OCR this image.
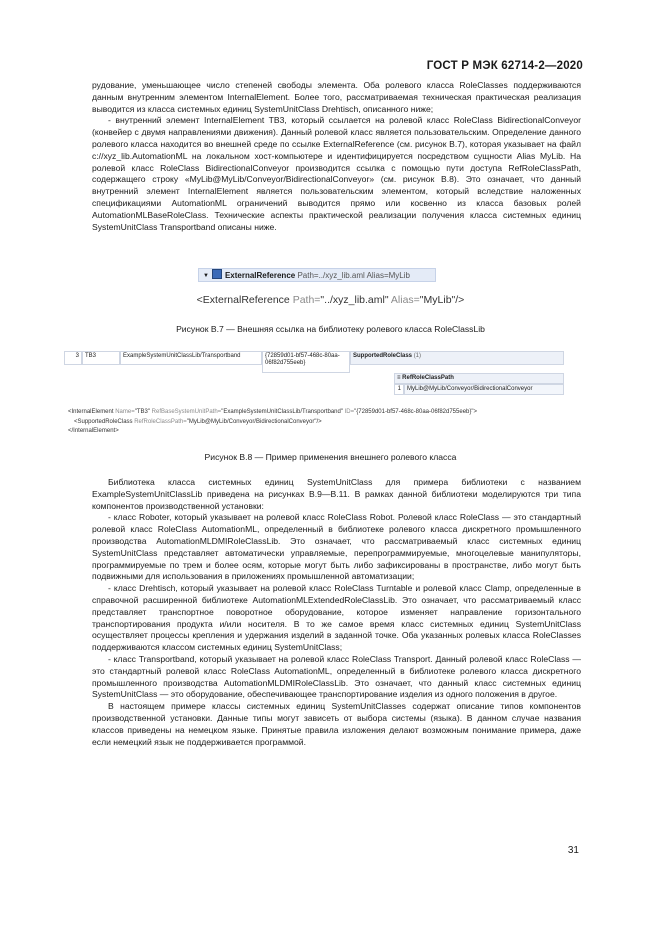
ГОСТ Р МЭК 62714-2—2020

рудование, уменьшающее число степеней свободы элемента. Оба ролевого класса RoleClasses поддерживаются данным внутренним элементом InternalElement. Более того, рассматриваемая техническая практическая реализация выводится из класса системных единиц SystemUnitClass Drehtisch, описанного ниже;

- внутренний элемент InternalElement TB3, который ссылается на ролевой класс RoleClass BidirectionalConveyor (конвейер с двумя направлениями движения). Данный ролевой класс является пользовательским. Определение данного ролевого класса находится во внешней среде по ссылке ExternalReference (см. рисунок B.7), которая указывает на файл c://xyz_lib.AutomationML на локальном хост-компьютере и идентифицируется посредством сущности Alias MyLib. На ролевой класс RoleClass BidirectionalConveyor производится ссылка с помощью пути доступа RefRoleClassPath, содержащего строку «MyLib@MyLib/Conveyor/BidirectionalConveyor» (см. рисунок B.8). Это означает, что данный внутренний элемент InternalElement является пользовательским элементом, который вследствие наложенных спецификациями AutomationML ограничений выводится прямо или косвенно из класса базовых ролей AutomationMLBaseRoleClass. Технические аспекты практической реализации получения класса системных единиц SystemUnitClass Transportband описаны ниже.

▼ ExternalReference Path=../xyz_lib.aml Alias=MyLib
<ExternalReference Path="../xyz_lib.aml" Alias="MyLib"/>
Рисунок B.7 — Внешняя ссылка на библиотеку ролевого класса RoleClassLib
3	TB3	ExampleSystemUnitClassLib/Transportband	{72859d01-bf57-468c-80aa-06f82d755eeb}
SupportedRoleClass (1)
≡ RefRoleClassPath
1	MyLib@MyLib/Conveyor/BidirectionalConveyor
<InternalElement Name="TB3" RefBaseSystemUnitPath="ExampleSystemUnitClassLib/Transportband" ID="{72859d01-bf57-468c-80aa-06f82d755eeb}">
<SupportedRoleClass RefRoleClassPath="MyLib@MyLib/Conveyor/BidirectionalConveyor"/>
</InternalElement>
Рисунок B.8 — Пример применения внешнего ролевого класса

Библиотека класса системных единиц SystemUnitClass для примера библиотеки с названием ExampleSystemUnitClassLib приведена на рисунках B.9—B.11. В рамках данной библиотеки моделируются три типа компонентов производственной установки:

- класс Roboter, который указывает на ролевой класс RoleClass Robot. Ролевой класс RoleClass — это стандартный ролевой класс RoleClass AutomationML, определенный в библиотеке ролевого класса дискретного промышленного производства AutomationMLDMIRoleClassLib. Это означает, что рассматриваемый класс системных единиц SystemUnitClass представляет автоматически управляемые, перепрограммируемые, многоцелевые манипуляторы, программируемые по трем и более осям, которые могут быть либо зафиксированы в пространстве, либо могут быть подвижными для использования в приложениях промышленной автоматизации;

- класс Drehtisch, который указывает на ролевой класс RoleClass Turntable и ролевой класс Clamp, определенные в справочной расширенной библиотеке AutomationMLExtendedRoleClassLib. Это означает, что рассматриваемый класс представляет транспортное поворотное оборудование, которое изменяет направление горизонтального транспортирования продукта и/или носителя. В то же самое время класс системных единиц SystemUnitClass осуществляет процессы крепления и удержания изделий в заданной точке. Оба указанных ролевых класса RoleClasses поддерживаются классом системных единиц SystemUnitClass;

- класс Transportband, который указывает на ролевой класс RoleClass Transport. Данный ролевой класс RoleClass — это стандартный ролевой класс RoleClass AutomationML, определенный в библиотеке ролевого класса дискретного промышленного производства AutomationMLDMIRoleClassLib. Это означает, что данный класс системных единиц SystemUnitClass — это оборудование, обеспечивающее транспортирование изделия из одного положения в другое.

В настоящем примере классы системных единиц SystemUnitClasses содержат описание типов компонентов производственной установки. Данные типы могут зависеть от выбора системы (языка). В данном случае названия классов приведены на немецком языке. Принятые правила изложения делают возможным понимание примера, даже если немецкий язык не поддерживается программой.

31
